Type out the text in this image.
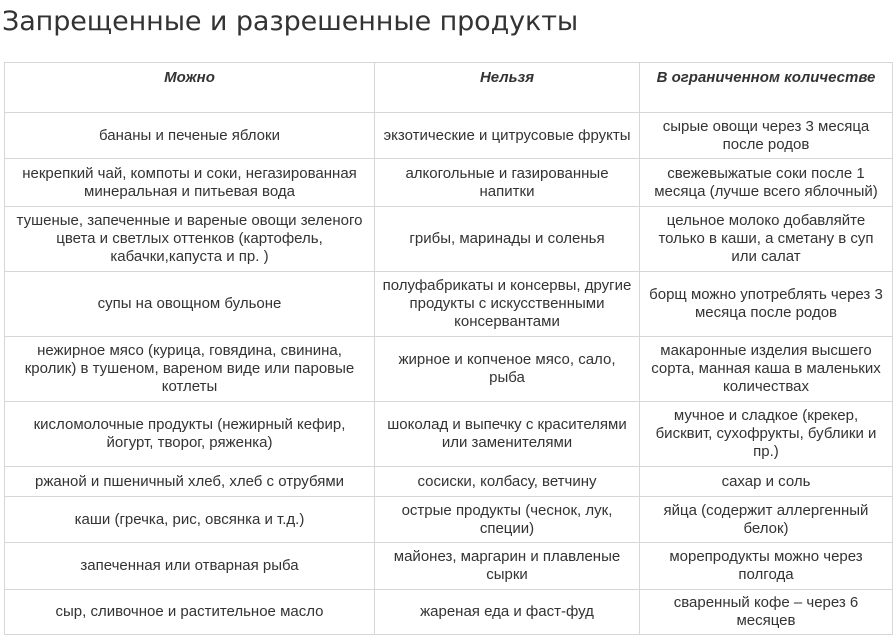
Запрещенные и разрешенные продукты
Можно	Нельзя	В ограниченном количестве
бананы и печеные яблоки	экзотические и цитрусовые фрукты	сырые овощи через 3 месяца после родов
некрепкий чай, компоты и соки, негазированная минеральная и питьевая вода	алкогольные и газированные напитки	свежевыжатые соки после 1 месяца (лучше всего яблочный)
тушеные, запеченные и вареные овощи зеленого цвета и светлых оттенков (картофель, кабачки,капуста и пр. )	грибы, маринады и соленья	цельное молоко добавляйте только в каши, а сметану в суп или салат
супы на овощном бульоне	полуфабрикаты и консервы, другие продукты с искусственными консервантами	борщ можно употреблять через 3 месяца после родов
нежирное мясо (курица, говядина, свинина, кролик) в тушеном, вареном виде или паровые котлеты	жирное и копченое мясо, сало, рыба	макаронные изделия высшего сорта, манная каша в маленьких количествах
кисломолочные продукты (нежирный кефир, йогурт, творог, ряженка)	шоколад и выпечку с красителями или заменителями	мучное и сладкое (крекер, бисквит, сухофрукты, бублики и пр.)
ржаной и пшеничный хлеб, хлеб с отрубями	сосиски, колбасу, ветчину	сахар и соль
каши (гречка, рис, овсянка и т.д.)	острые продукты (чеснок, лук, специи)	яйца (содержит аллергенный белок)
запеченная или отварная рыба	майонез, маргарин и плавленые сырки	морепродукты можно через полгода
сыр, сливочное и растительное масло	жареная еда и фаст-фуд	сваренный кофе – через 6 месяцев
